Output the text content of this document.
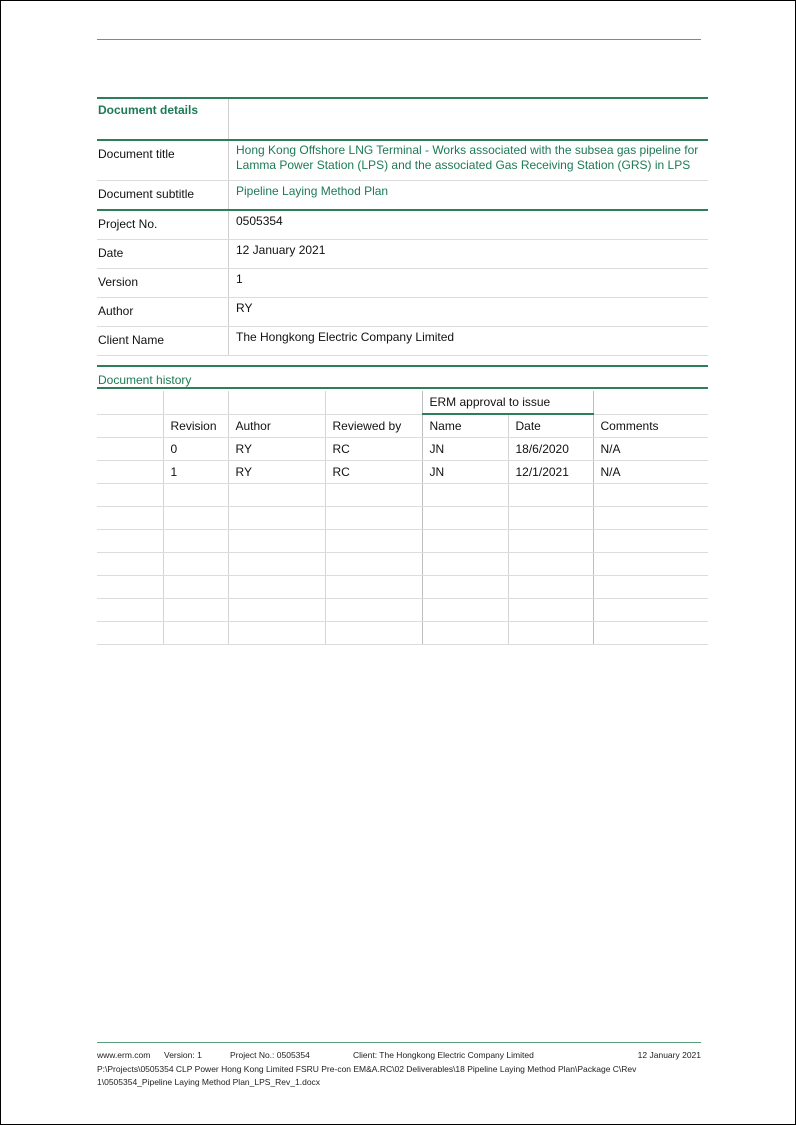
Document details	
Document title	Hong Kong Offshore LNG Terminal - Works associated with the subsea gas pipeline for Lamma Power Station (LPS) and the associated Gas Receiving Station (GRS) in LPS
Document subtitle	Pipeline Laying Method Plan
Project No.	0505354
Date	12 January 2021
Version	1
Author	RY
Client Name	The Hongkong Electric Company Limited
Document history
				ERM approval to issue		
	Revision	Author	Reviewed by	Name	Date	Comments
	0	RY	RC	JN	18/6/2020	N/A
	1	RY	RC	JN	12/1/2021	N/A

www.erm.com Version: 1	Project No.: 0505354	Client: The Hongkong Electric Company Limited	12 January 2021
P:\Projects\0505354 CLP Power Hong Kong Limited FSRU Pre-con EM&A.RC\02 Deliverables\18 Pipeline Laying Method Plan\Package C\Rev 1\0505354_Pipeline Laying Method Plan_LPS_Rev_1.docx
